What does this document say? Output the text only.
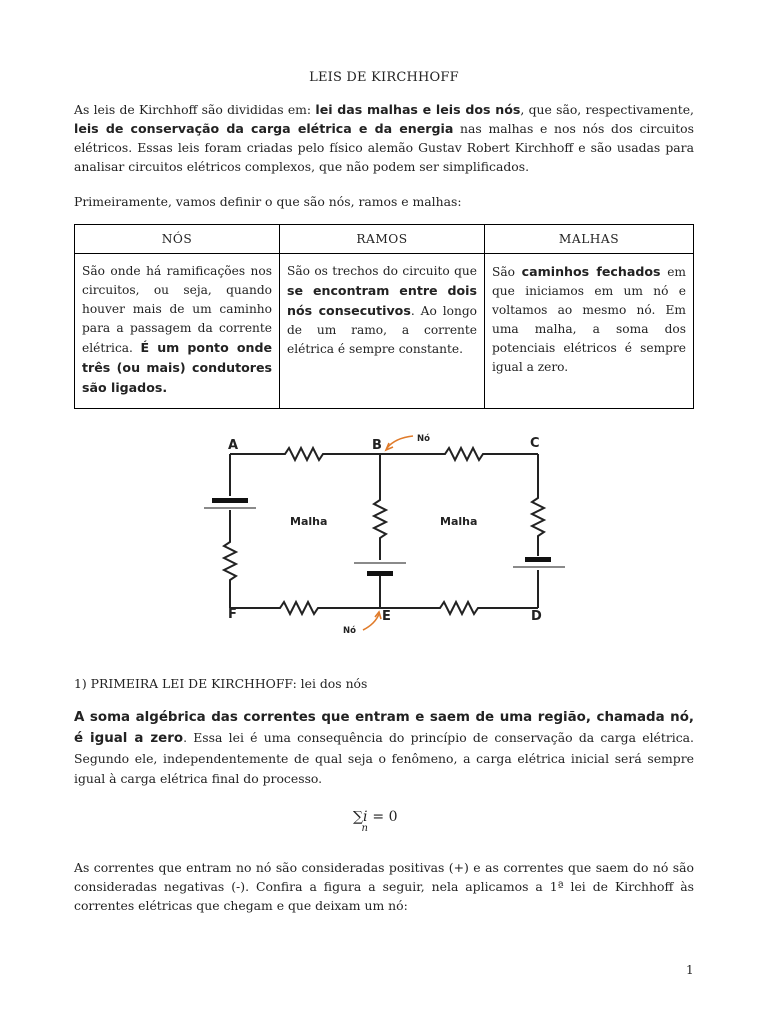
LEIS DE KIRCHHOFF

As leis de Kirchhoff são divididas em: lei das malhas e leis dos nós, que são, respectivamente, leis de conservação da carga elétrica e da energia nas malhas e nos nós dos circuitos elétricos. Essas leis foram criadas pelo físico alemão Gustav Robert Kirchhoff e são usadas para analisar circuitos elétricos complexos, que não podem ser simplificados.

Primeiramente, vamos definir o que são nós, ramos e malhas:

NÓS	RAMOS	MALHAS
São onde há ramificações nos circuitos, ou seja, quando houver mais de um caminho para a passagem da corrente elétrica. É um ponto onde três (ou mais) condutores são ligados.	São os trechos do circuito que se encontram entre dois nós consecutivos. Ao longo de um ramo, a corrente elétrica é sempre constante.	São caminhos fechados em que iniciamos em um nó e voltamos ao mesmo nó. Em uma malha, a soma dos potenciais elétricos é sempre igual a zero.
A	B	C
F	E	D
Malha	Malha
Nó
Nó
1) PRIMEIRA LEI DE KIRCHHOFF: lei dos nós

A soma algébrica das correntes que entram e saem de uma região, chamada nó, é igual a zero. Essa lei é uma consequência do princípio de conservação da carga elétrica. Segundo ele, independentemente de qual seja o fenômeno, a carga elétrica inicial será sempre igual à carga elétrica final do processo.

$\sum i_n = 0$

As correntes que entram no nó são consideradas positivas (+) e as correntes que saem do nó são consideradas negativas (-). Confira a figura a seguir, nela aplicamos a 1ª lei de Kirchhoff às correntes elétricas que chegam e que deixam um nó:

1
